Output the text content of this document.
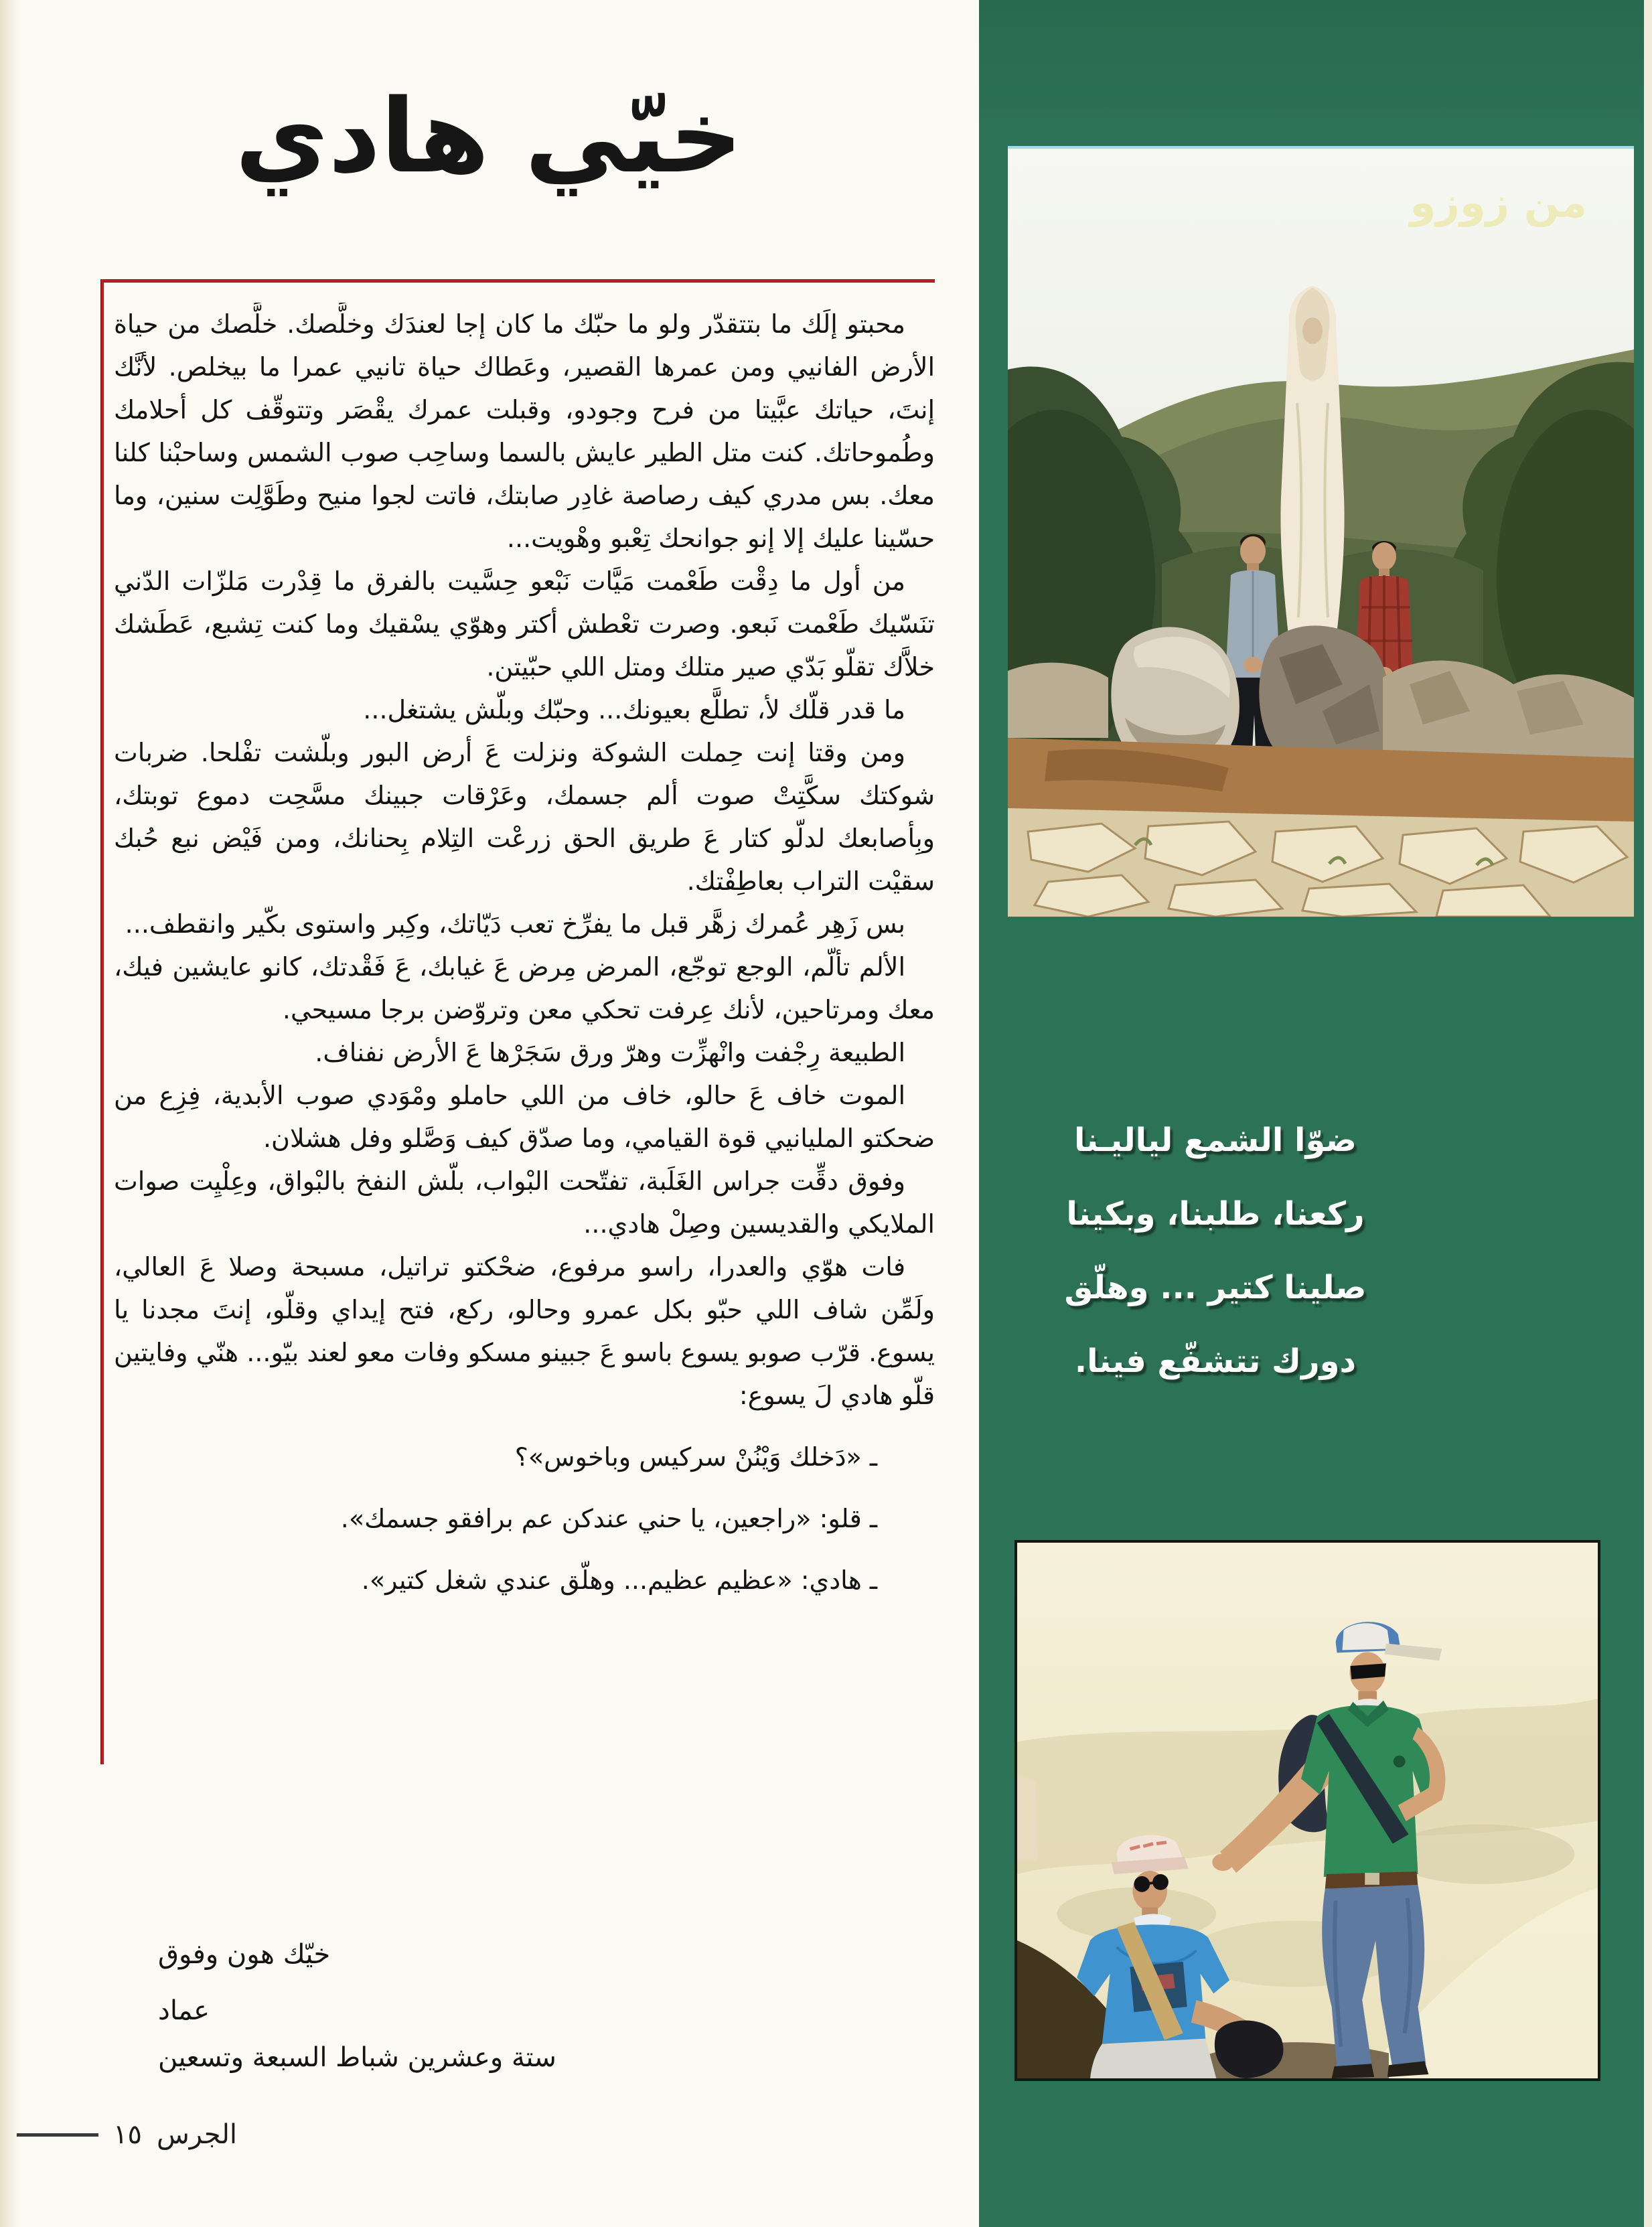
خيّي هادي

محبتو إلَك ما بتتقدّر ولو ما حبّك ما كان إجا لعندَك وخلَّصك. خلَّصك من حياة الأرض الفانيي ومن عمرها القصير، وعَطاك حياة تانيي عمرا ما بيخلص. لأنَّك إنتَ، حياتك عبَّيتا من فرح وجودو، وقبلت عمرك يقْصَر وتتوقّف كل أحلامك وطُموحاتك. كنت متل الطير عايش بالسما وساحِب صوب الشمس وساحبْنا كلنا معك. بس مدري كيف رصاصة غادِر صابتك، فاتت لجوا منيح وطَوَّلِت سنين، وما حسّينا عليك إلا إنو جوانحك تِعْبو وهْويت...

من أول ما دِقْت طَعْمت مَيَّات نَبْعو حِسَّيت بالفرق ما قِدْرت مَلزّات الدّني تنَسّيك طَعْمت نَبعو. وصرت تعْطش أكتر وهوّي يسْقيك وما كنت تِشبع، عَطَشك خلاَّك تقلّو بَدّي صير متلك ومتل اللي حبّيتن.

ما قدر قلّك لأ، تطلَّع بعيونك... وحبّك وبلّش يشتغل...

ومن وقتا إنت حِملت الشوكة ونزلت عَ أرض البور وبلّشت تفْلحا. ضربات شوكتك سكَّتِتْ صوت ألم جسمك، وعَرْقات جبينك مسَّحِت دموع توبتك، وبِأصابعك لدلّو كتار عَ طريق الحق زرعْت التِلام بِحنانك، ومن فَيْض نبع حُبك سقيْت التراب بعاطِفْتك.

بس زَهِر عُمرك زهَّر قبل ما يفرِّخ تعب دَيّاتك، وكِبر واستوى بكّير وانقطف...

الألم تألّم، الوجع توجّع، المرض مِرض عَ غيابك، عَ فَقْدتك، كانو عايشين فيك، معك ومرتاحين، لأنك عِرفت تحكي معن وتروّضن برجا مسيحي.

الطبيعة رِجْفت وانْهزِّت وهرّ ورق سَجَرْها عَ الأرض نفناف.

الموت خاف عَ حالو، خاف من اللي حاملو ومْوَدي صوب الأبدية، فِزِع من ضحكتو المليانيي قوة القيامي، وما صدّق كيف وَصَّلو وفل هشلان.

وفوق دقِّت جراس الغَلَبة، تفتّحت البْواب، بلّش النفخ بالبْواق، وعِلْيِت صوات الملايكي والقديسين وصِلْ هادي...

فات هوّي والعدرا، راسو مرفوع، ضحْكتو تراتيل، مسبحة وصلا عَ العالي، ولَمِّن شاف اللي حبّو بكل عمرو وحالو، ركع، فتح إيداي وقلّو، إنتَ مجدنا يا يسوع. قرّب صوبو يسوع باسو عَ جبينو مسكو وفات معو لعند بيّو... هنّي وفايتين قلّو هادي لَ يسوع:

ـ «دَخلك وَيْنُنْ سركيس وباخوس»؟

ـ قلو: «راجعين، يا حني عندكن عم برافقو جسمك».

ـ هادي: «عظيم عظيم... وهلّق عندي شغل كتير».

خيّك هون وفوق
عماد
ستة وعشرين شباط السبعة وتسعين
الجرس
١٥
من زوزو

ضوّا الشمع لياليـنا

ركعنا، طلبنا، وبكينا

صلينا كتير ... وهلّق

دورك تتشفّع فينا.
